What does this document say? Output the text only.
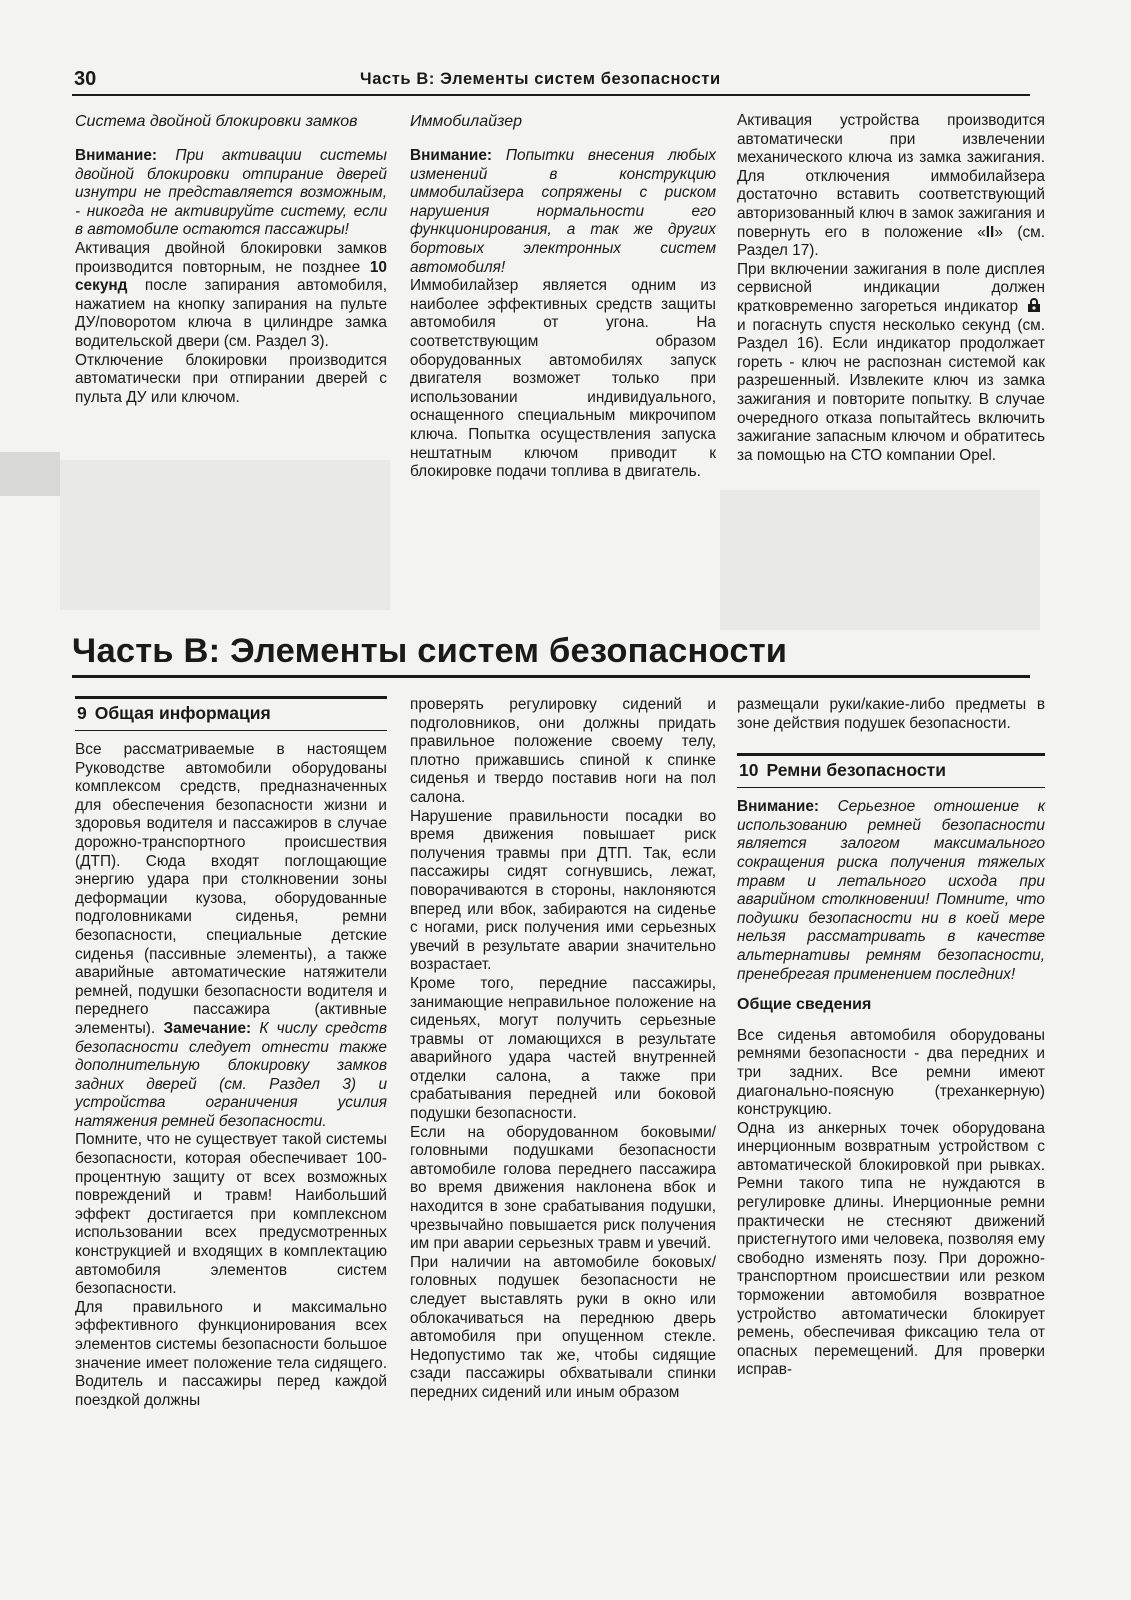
30	Часть В: Элементы систем безопасности

Система двойной блокировки замков

Внимание: При активации системы двойной блокировки отпирание дверей изнутри не представляется возможным, - никогда не активируйте систему, если в автомобиле остаются пассажиры!

Активация двойной блокировки замков производится повторным, не позднее 10 секунд после запирания автомобиля, нажатием на кнопку запирания на пульте ДУ/поворотом ключа в цилиндре замка водительской двери (см. Раздел 3).

Отключение блокировки производится автоматически при отпирании дверей с пульта ДУ или ключом.

Иммобилайзер

Внимание: Попытки внесения любых изменений в конструкцию иммобилайзера сопряжены с риском нарушения нормальности его функционирования, а так же других бортовых электронных систем автомобиля!

Иммобилайзер является одним из наиболее эффективных средств защиты автомобиля от угона. На соответствующим образом оборудованных автомобилях запуск двигателя возможет только при использовании индивидуального, оснащенного специальным микрочипом ключа. Попытка осуществления запуска нештатным ключом приводит к блокировке подачи топлива в двигатель.

Активация устройства производится автоматически при извлечении механического ключа из замка зажигания. Для отключения иммобилайзера достаточно вставить соответствующий авторизованный ключ в замок зажигания и повернуть его в положение «II» (см. Раздел 17).

При включении зажигания в поле дисплея сервисной индикации должен кратковременно загореться индикатор  и погаснуть спустя несколько секунд (см. Раздел 16). Если индикатор продолжает гореть - ключ не распознан системой как разрешенный. Извлеките ключ из замка зажигания и повторите попытку. В случае очередного отказа попытайтесь включить зажигание запасным ключом и обратитесь за помощью на СТО компании Opel.

Часть В: Элементы систем безопасности

9 Общая информация

Все рассматриваемые в настоящем Руководстве автомобили оборудованы комплексом средств, предназначенных для обеспечения безопасности жизни и здоровья водителя и пассажиров в случае дорожно-транспортного происшествия (ДТП). Сюда входят поглощающие энергию удара при столкновении зоны деформации кузова, оборудованные подголовниками сиденья, ремни безопасности, специальные детские сиденья (пассивные элементы), а также аварийные автоматические натяжители ремней, подушки безопасности водителя и переднего пассажира (активные элементы). Замечание: К числу средств безопасности следует отнести также дополнительную блокировку замков задних дверей (см. Раздел 3) и устройства ограничения усилия натяжения ремней безопасности.

Помните, что не существует такой системы безопасности, которая обеспечивает 100-процентную защиту от всех возможных повреждений и травм! Наибольший эффект достигается при комплексном использовании всех предусмотренных конструкцией и входящих в комплектацию автомобиля элементов систем безопасности.

Для правильного и максимально эффективного функционирования всех элементов системы безопасности большое значение имеет положение тела сидящего. Водитель и пассажиры перед каждой поездкой должны

проверять регулировку сидений и подголовников, они должны придать правильное положение своему телу, плотно прижавшись спиной к спинке сиденья и твердо поставив ноги на пол салона.

Нарушение правильности посадки во время движения повышает риск получения травмы при ДТП. Так, если пассажиры сидят согнувшись, лежат, поворачиваются в стороны, наклоняются вперед или вбок, забираются на сиденье с ногами, риск получения ими серьезных увечий в результате аварии значительно возрастает.

Кроме того, передние пассажиры, занимающие неправильное положение на сиденьях, могут получить серьезные травмы от ломающихся в результате аварийного удара частей внутренней отделки салона, а также при срабатывания передней или боковой подушки безопасности.

Если на оборудованном боковыми/головными подушками безопасности автомобиле голова переднего пассажира во время движения наклонена вбок и находится в зоне срабатывания подушки, чрезвычайно повышается риск получения им при аварии серьезных травм и увечий.

При наличии на автомобиле боковых/головных подушек безопасности не следует выставлять руки в окно или облокачиваться на переднюю дверь автомобиля при опущенном стекле. Недопустимо так же, чтобы сидящие сзади пассажиры обхватывали спинки передних сидений или иным образом

размещали руки/какие-либо предметы в зоне действия подушек безопасности.

10 Ремни безопасности

Внимание: Серьезное отношение к использованию ремней безопасности является залогом максимального сокращения риска получения тяжелых травм и летального исхода при аварийном столкновении! Помните, что подушки безопасности ни в коей мере нельзя рассматривать в качестве альтернативы ремням безопасности, пренебрегая применением последних!

Общие сведения

Все сиденья автомобиля оборудованы ремнями безопасности - два передних и три задних. Все ремни имеют диагонально-поясную (треханкерную) конструкцию.

Одна из анкерных точек оборудована инерционным возвратным устройством с автоматической блокировкой при рывках. Ремни такого типа не нуждаются в регулировке длины. Инерционные ремни практически не стесняют движений пристегнутого ими человека, позволяя ему свободно изменять позу. При дорожно-транспортном происшествии или резком торможении автомобиля возвратное устройство автоматически блокирует ремень, обеспечивая фиксацию тела от опасных перемещений. Для проверки исправ-
